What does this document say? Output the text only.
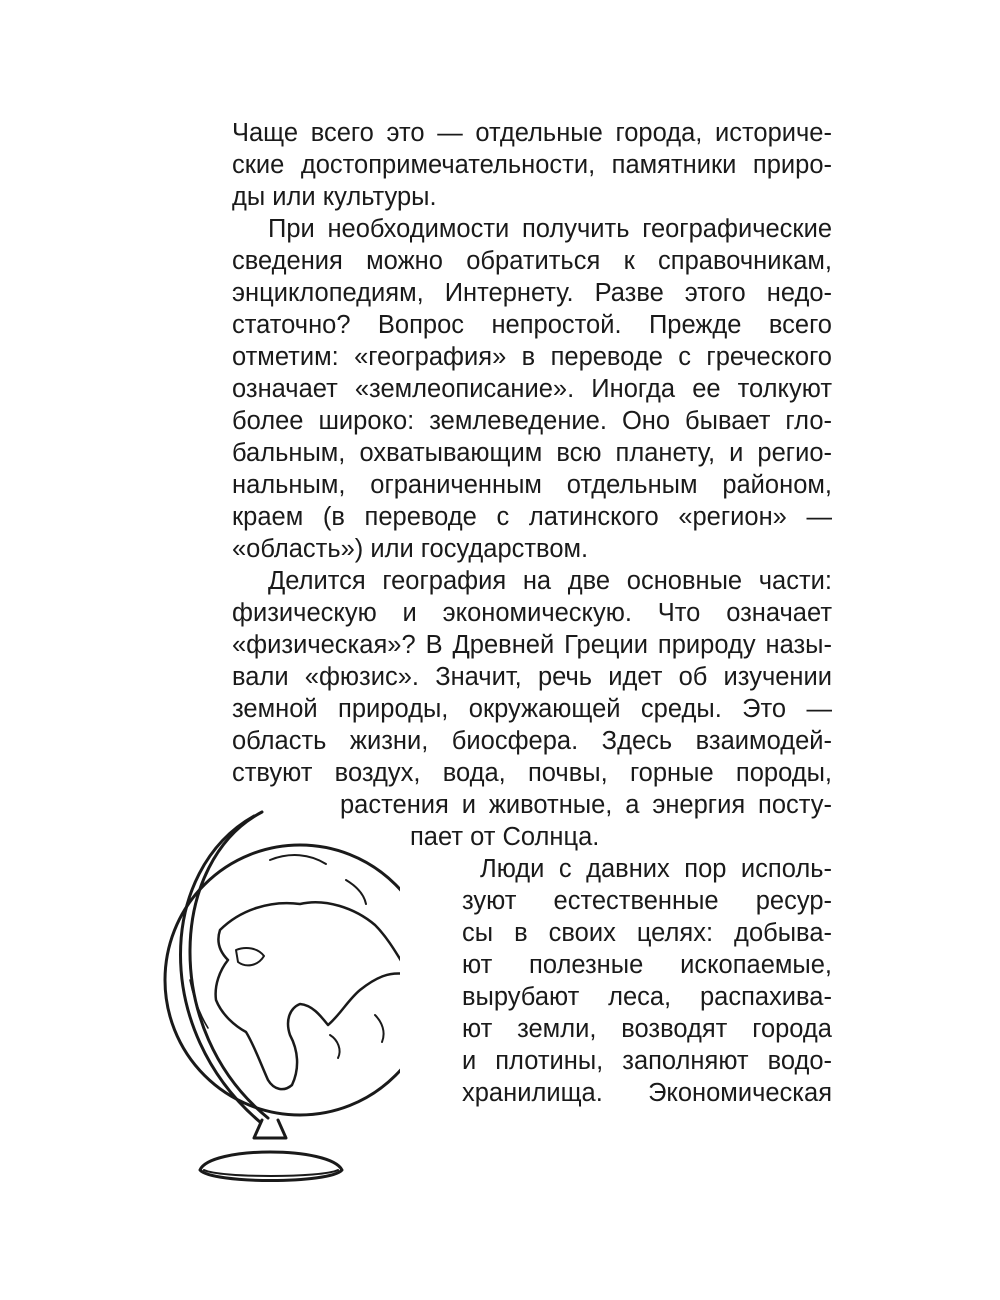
Чаще всего это — отдельные города, историче-
ские достопримечательности, памятники приро-
ды или культуры.
При необходимости получить географические
сведения можно обратиться к справочникам,
энциклопедиям, Интернету. Разве этого недо-
статочно? Вопрос непростой. Прежде всего
отметим: «география» в переводе с греческого
означает «землеописание». Иногда ее толкуют
более широко: землеведение. Оно бывает гло-
бальным, охватывающим всю планету, и регио-
нальным, ограниченным отдельным районом,
краем (в переводе с латинского «регион» —
«область») или государством.
Делится география на две основные части:
физическую и экономическую. Что означает
«физическая»? В Древней Греции природу назы-
вали «фюзис». Значит, речь идет об изучении
земной природы, окружающей среды. Это —
область жизни, биосфера. Здесь взаимодей-
ствуют воздух, вода, почвы, горные породы,
растения и животные, а энергия посту-
пает от Солнца.
Люди с давних пор исполь-
зуют естественные ресур-
сы в своих целях: добыва-
ют полезные ископаемые,
вырубают леса, распахива-
ют земли, возводят города
и плотины, заполняют водо-
хранилища. Экономическая
